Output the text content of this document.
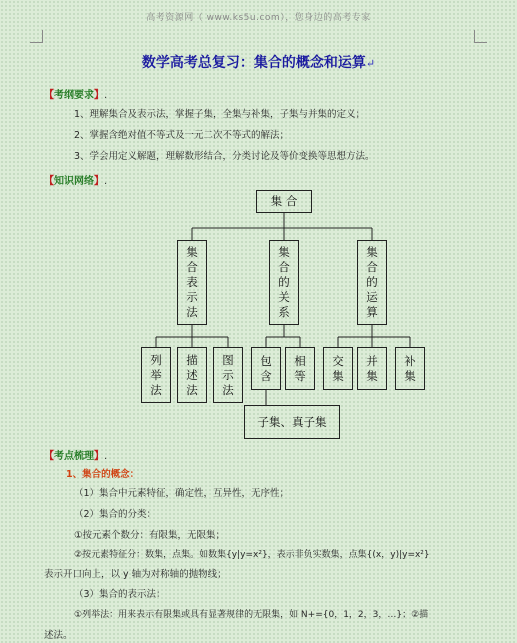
高考资源网（ www.ks5u.com），您身边的高考专家
数学高考总复习：集合的概念和运算↵
【考纲要求】.
1、理解集合及表示法，掌握子集，全集与补集，子集与并集的定义；
2、掌握含绝对值不等式及一元二次不等式的解法；
3、学会用定义解题，理解数形结合，分类讨论及等价变换等思想方法。
【知识网络】.
集 合
集
合
表
示
法
集
合
的
关
系
集
合
的
运
算
列
举
法
描
述
法
图
示
法
包
含
相
等
交
集
并
集
补
集
子集、真子集
【考点梳理】.
1、集合的概念：
（1）集合中元素特征，确定性，互异性，无序性；
（2）集合的分类：
①按元素个数分：有限集，无限集；
②按元素特征分：数集，点集。如数集{y|y=x²}，表示非负实数集，点集{(x，y)|y=x²}
表示开口向上，以 y 轴为对称轴的抛物线；
（3）集合的表示法：
①列举法：用来表示有限集或具有显著规律的无限集，如 N+={0，1，2，3，…}；②描
述法。
